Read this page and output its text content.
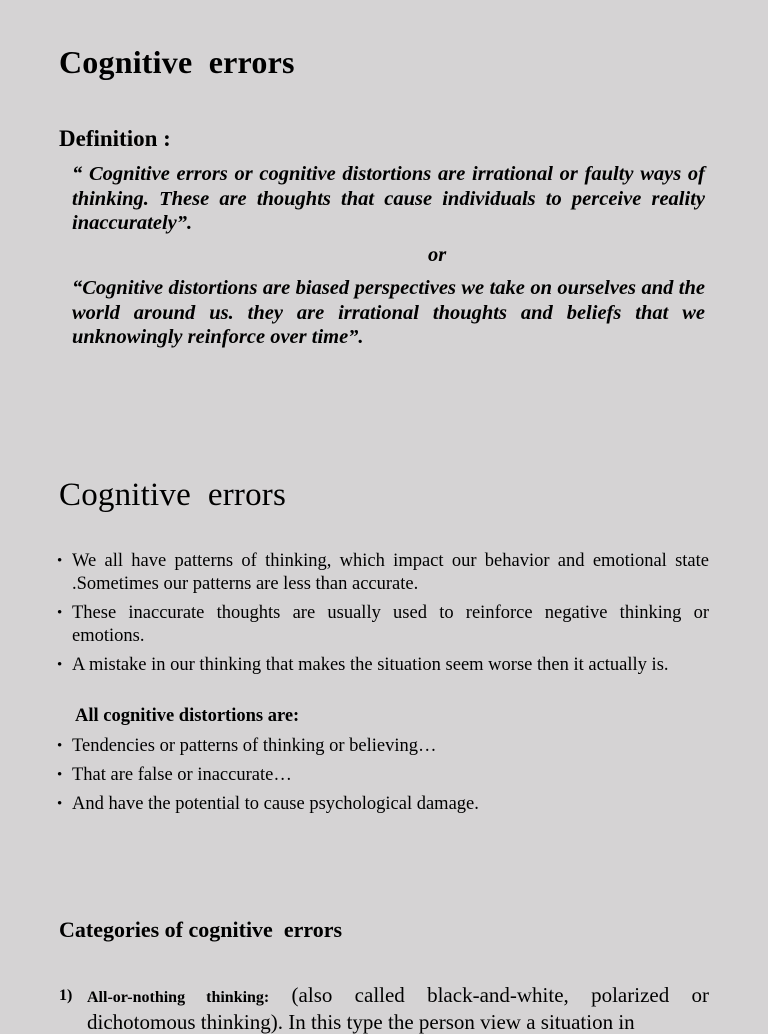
Cognitive  errors
Definition :

“ Cognitive errors or cognitive distortions are irrational or faulty ways of thinking. These are thoughts that cause individuals to perceive reality inaccurately”.

or

“Cognitive distortions are biased perspectives we take on ourselves and the world around us. they are irrational thoughts and beliefs that we unknowingly reinforce over time”.

Cognitive  errors
• We all have patterns of thinking, which impact our behavior and emotional state .Sometimes our patterns are less than accurate.
• These inaccurate thoughts are usually used to reinforce negative thinking or emotions.
• A mistake in our thinking that makes the situation seem worse then it actually is.

All cognitive distortions are:

• Tendencies or patterns of thinking or believing…
• That are false or inaccurate…
• And have the potential to cause psychological damage.
Categories of cognitive  errors
1) All-or-nothing thinking: (also called black-and-white, polarized or dichotomous thinking). In this type the person view a situation in
